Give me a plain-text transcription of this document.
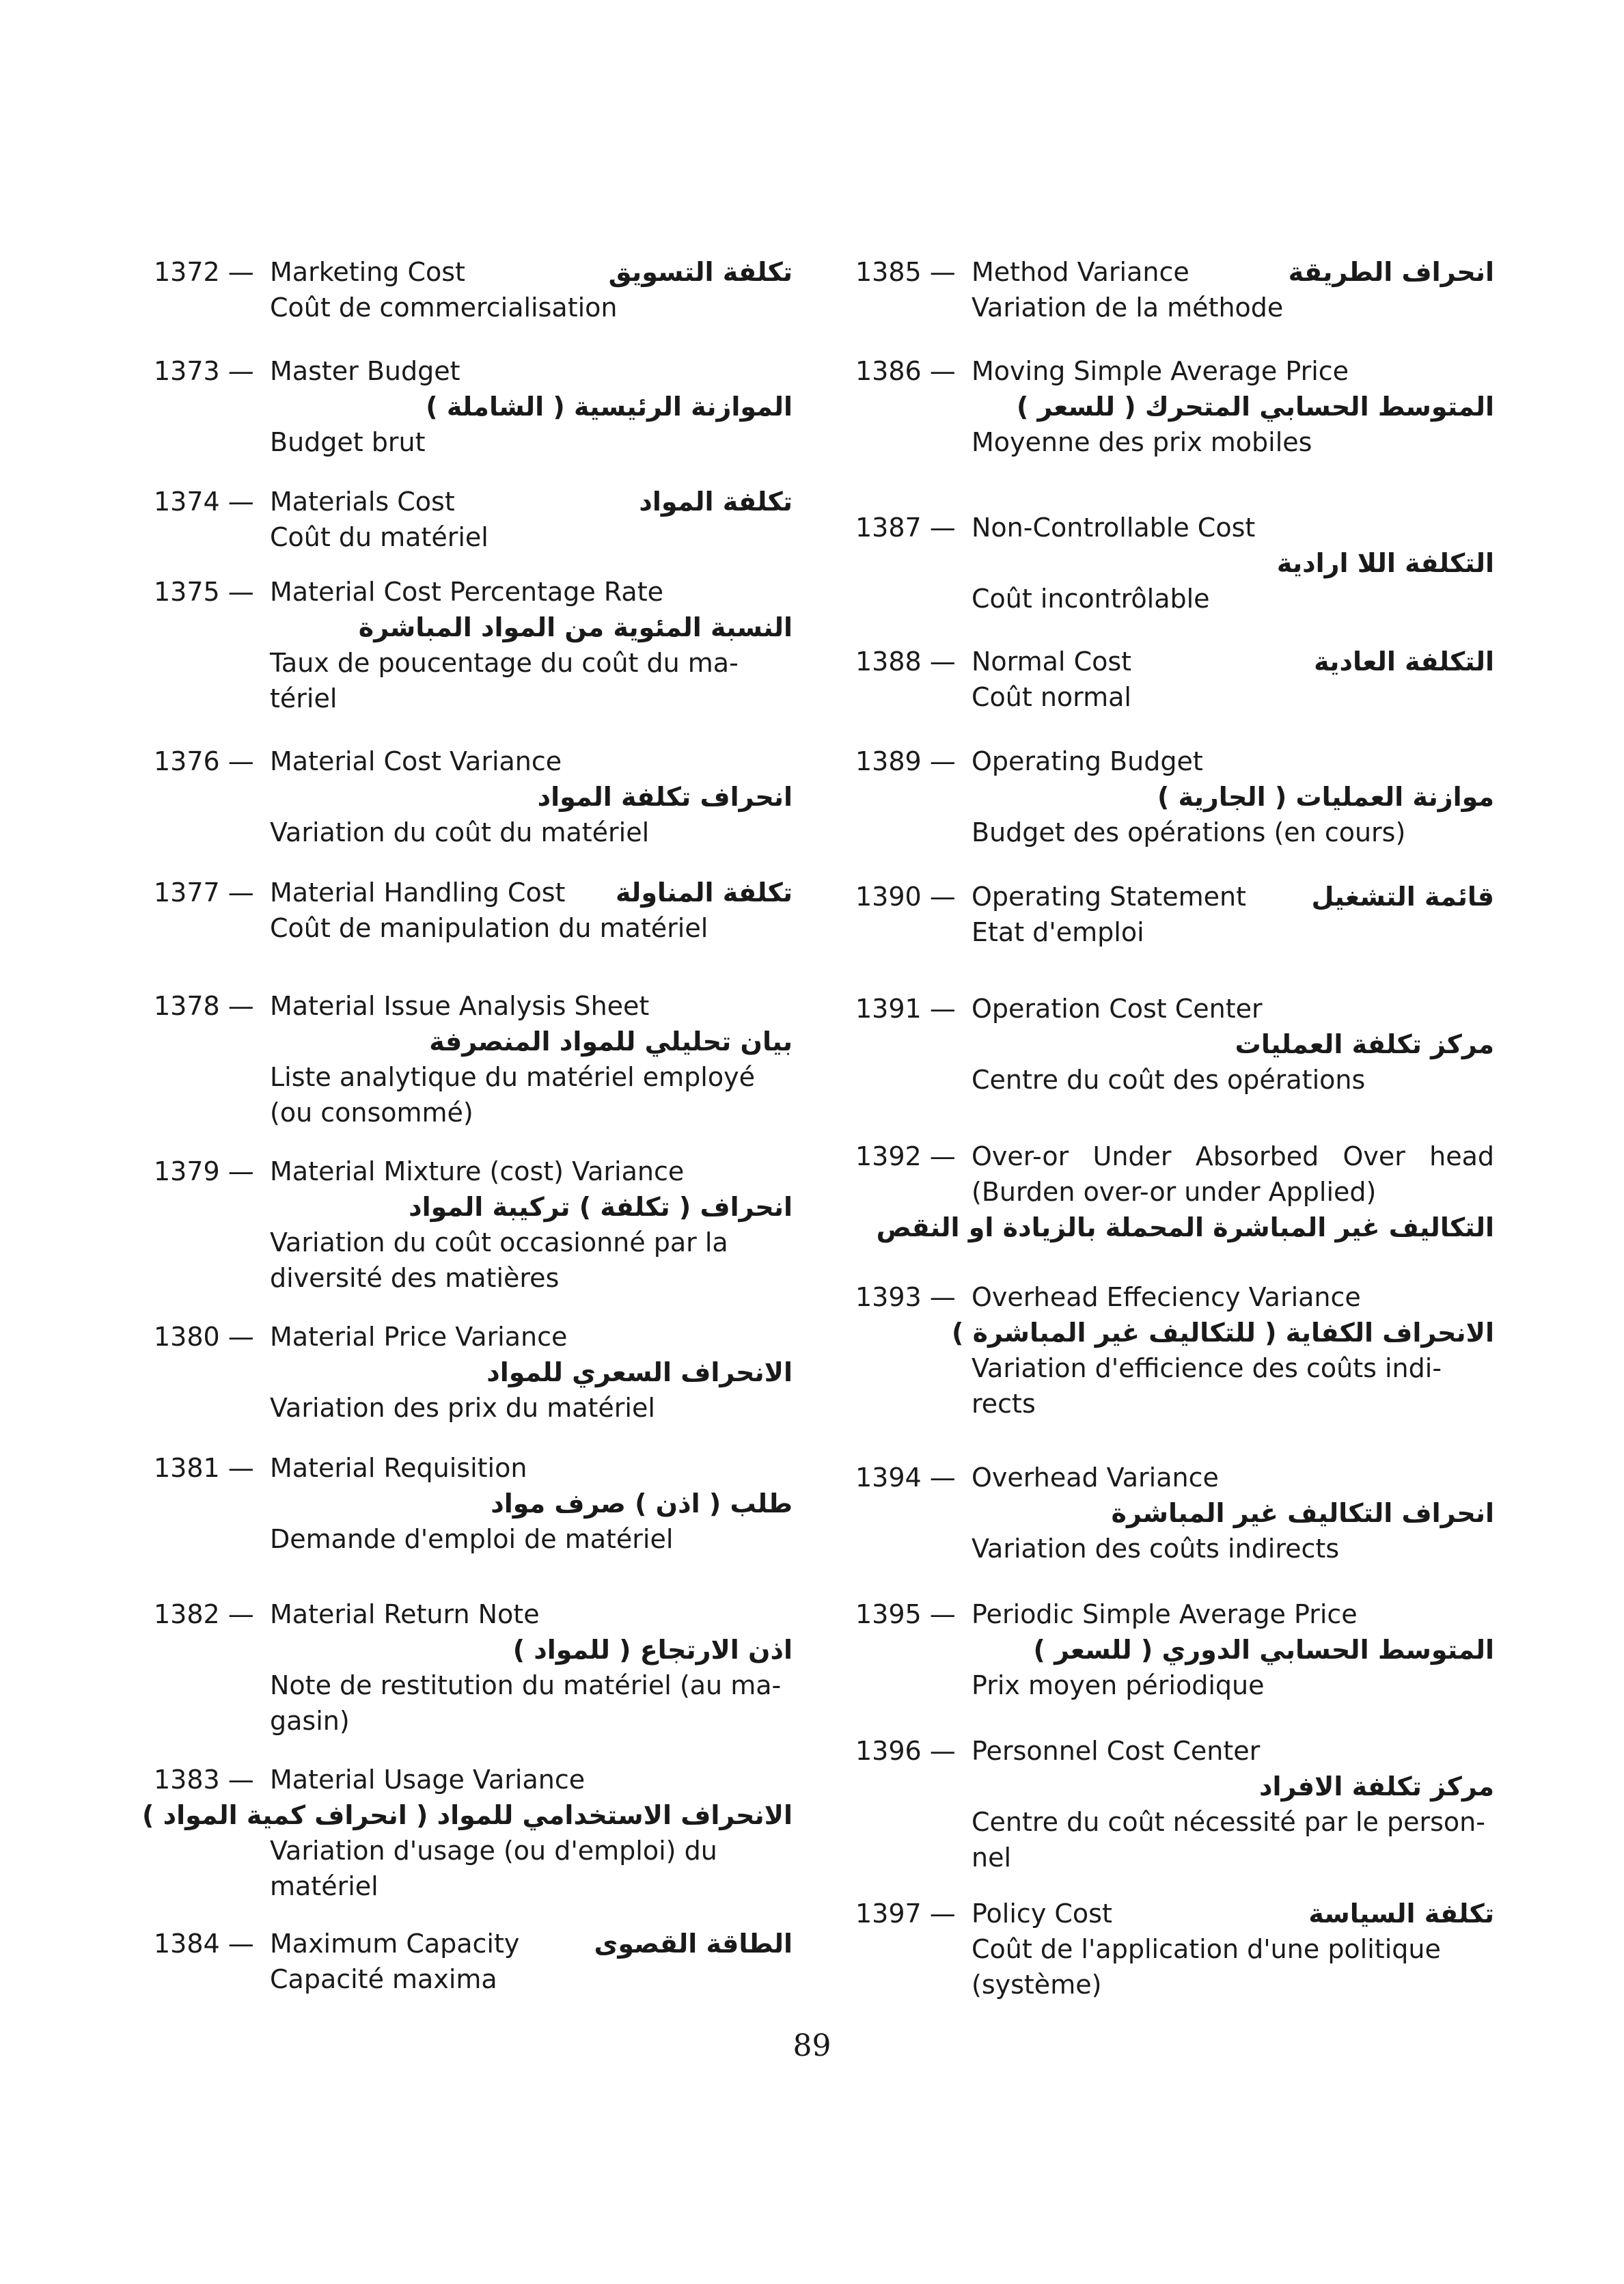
1372 — Marketing Cost	تكلفة التسويق
Coût de commercialisation
1373 — Master Budget
الموازنة الرئيسية ( الشاملة )
Budget brut
1374 — Materials Cost	تكلفة المواد
Coût du matériel
1375 — Material Cost Percentage Rate
النسبة المئوية من المواد المباشرة
Taux de poucentage du coût du ma-
tériel
1376 — Material Cost Variance
انحراف تكلفة المواد
Variation du coût du matériel
1377 — Material Handling Cost تكلفة المناولة
Coût de manipulation du matériel
1378 — Material Issue Analysis Sheet
بيان تحليلي للمواد المنصرفة
Liste analytique du matériel employé
(ou consommé)
1379 — Material Mixture (cost) Variance
انحراف ( تكلفة ) تركيبة المواد
Variation du coût occasionné par la
diversité des matières
1380 — Material Price Variance
الانحراف السعري للمواد
Variation des prix du matériel
1381 — Material Requisition
طلب ( اذن ) صرف مواد
Demande d'emploi de matériel
1382 — Material Return Note
اذن الارتجاع ( للمواد )
Note de restitution du matériel (au ma-
gasin)
1383 — Material Usage Variance
الانحراف الاستخدامي للمواد ( انحراف كمية المواد )
Variation d'usage (ou d'emploi) du
matériel
1384 — Maximum Capacity	الطاقة القصوى
Capacité maxima
1385 — Method Variance	انحراف الطريقة
Variation de la méthode
1386 — Moving Simple Average Price
المتوسط الحسابي المتحرك ( للسعر )
Moyenne des prix mobiles
1387 — Non-Controllable Cost
التكلفة اللا ارادية
Coût incontrôlable
1388 — Normal Cost	التكلفة العادية
Coût normal
1389 — Operating Budget
موازنة العمليات ( الجارية )
Budget des opérations (en cours)
1390 — Operating Statement	قائمة التشغيل
Etat d'emploi
1391 — Operation Cost Center
مركز تكلفة العمليات
Centre du coût des opérations
1392 — Over-or Under Absorbed Over head
(Burden over-or under Applied)
التكاليف غير المباشرة المحملة بالزيادة او النقص
1393 — Overhead Effeciency Variance
الانحراف الكفاية ( للتكاليف غير المباشرة )
Variation d'efficience des coûts indi-
rects
1394 — Overhead Variance
انحراف التكاليف غير المباشرة
Variation des coûts indirects
1395 — Periodic Simple Average Price
المتوسط الحسابي الدوري ( للسعر )
Prix moyen périodique
1396 — Personnel Cost Center
مركز تكلفة الافراد
Centre du coût nécessité par le person-
nel
1397 — Policy Cost	تكلفة السياسة
Coût de l'application d'une politique
(système)
89
